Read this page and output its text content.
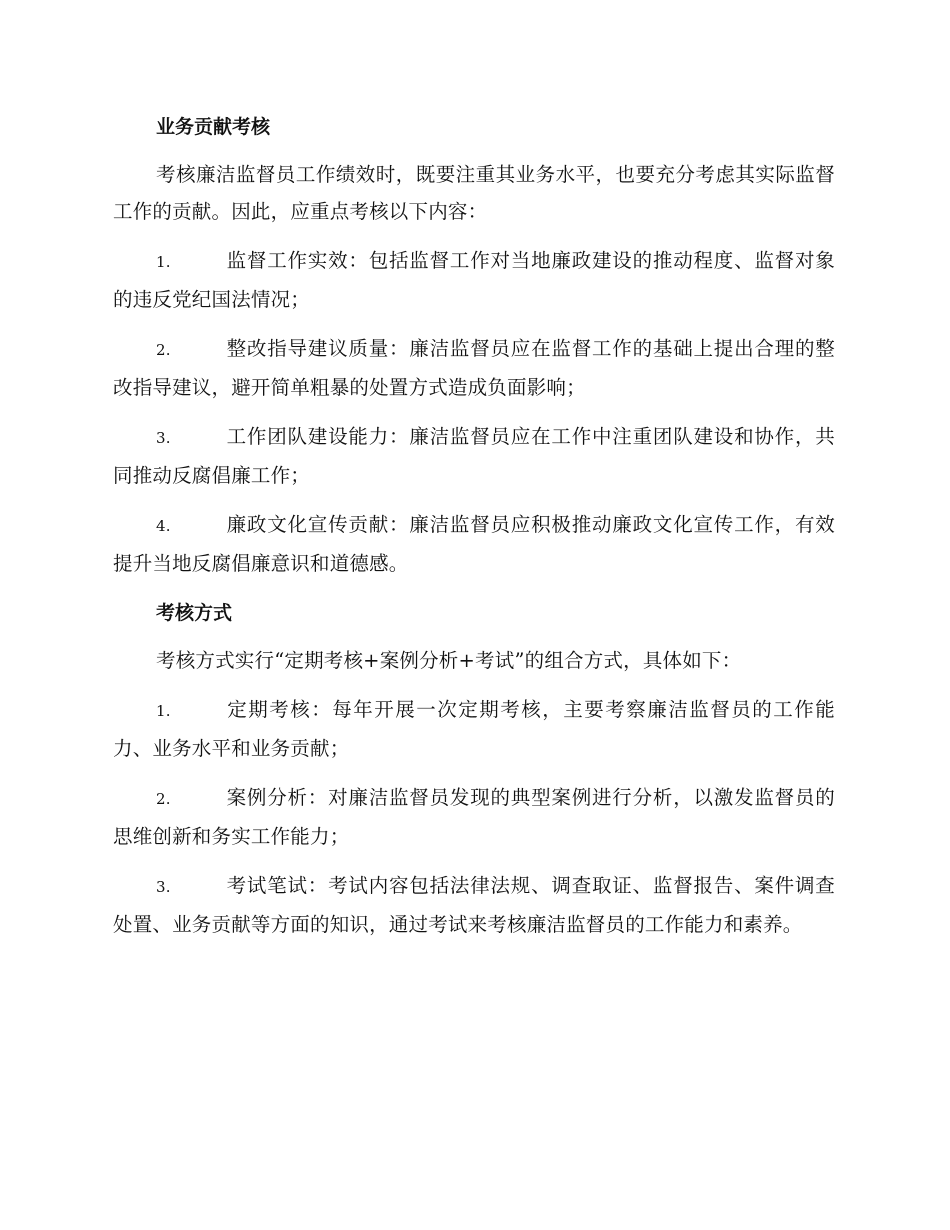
业务贡献考核

考核廉洁监督员工作绩效时，既要注重其业务水平，也要充分考虑其实际监督工作的贡献。因此，应重点考核以下内容：

1.	监督工作实效：包括监督工作对当地廉政建设的推动程度、监督对象的违反党纪国法情况；

2.	整改指导建议质量：廉洁监督员应在监督工作的基础上提出合理的整改指导建议，避开简单粗暴的处置方式造成负面影响；

3.	工作团队建设能力：廉洁监督员应在工作中注重团队建设和协作，共同推动反腐倡廉工作；

4.	廉政文化宣传贡献：廉洁监督员应积极推动廉政文化宣传工作，有效提升当地反腐倡廉意识和道德感。

考核方式

考核方式实行“定期考核+案例分析+考试”的组合方式，具体如下：

1.	定期考核：每年开展一次定期考核，主要考察廉洁监督员的工作能力、业务水平和业务贡献；

2.	案例分析：对廉洁监督员发现的典型案例进行分析，以激发监督员的思维创新和务实工作能力；

3.	考试笔试：考试内容包括法律法规、调查取证、监督报告、案件调查处置、业务贡献等方面的知识，通过考试来考核廉洁监督员的工作能力和素养。
